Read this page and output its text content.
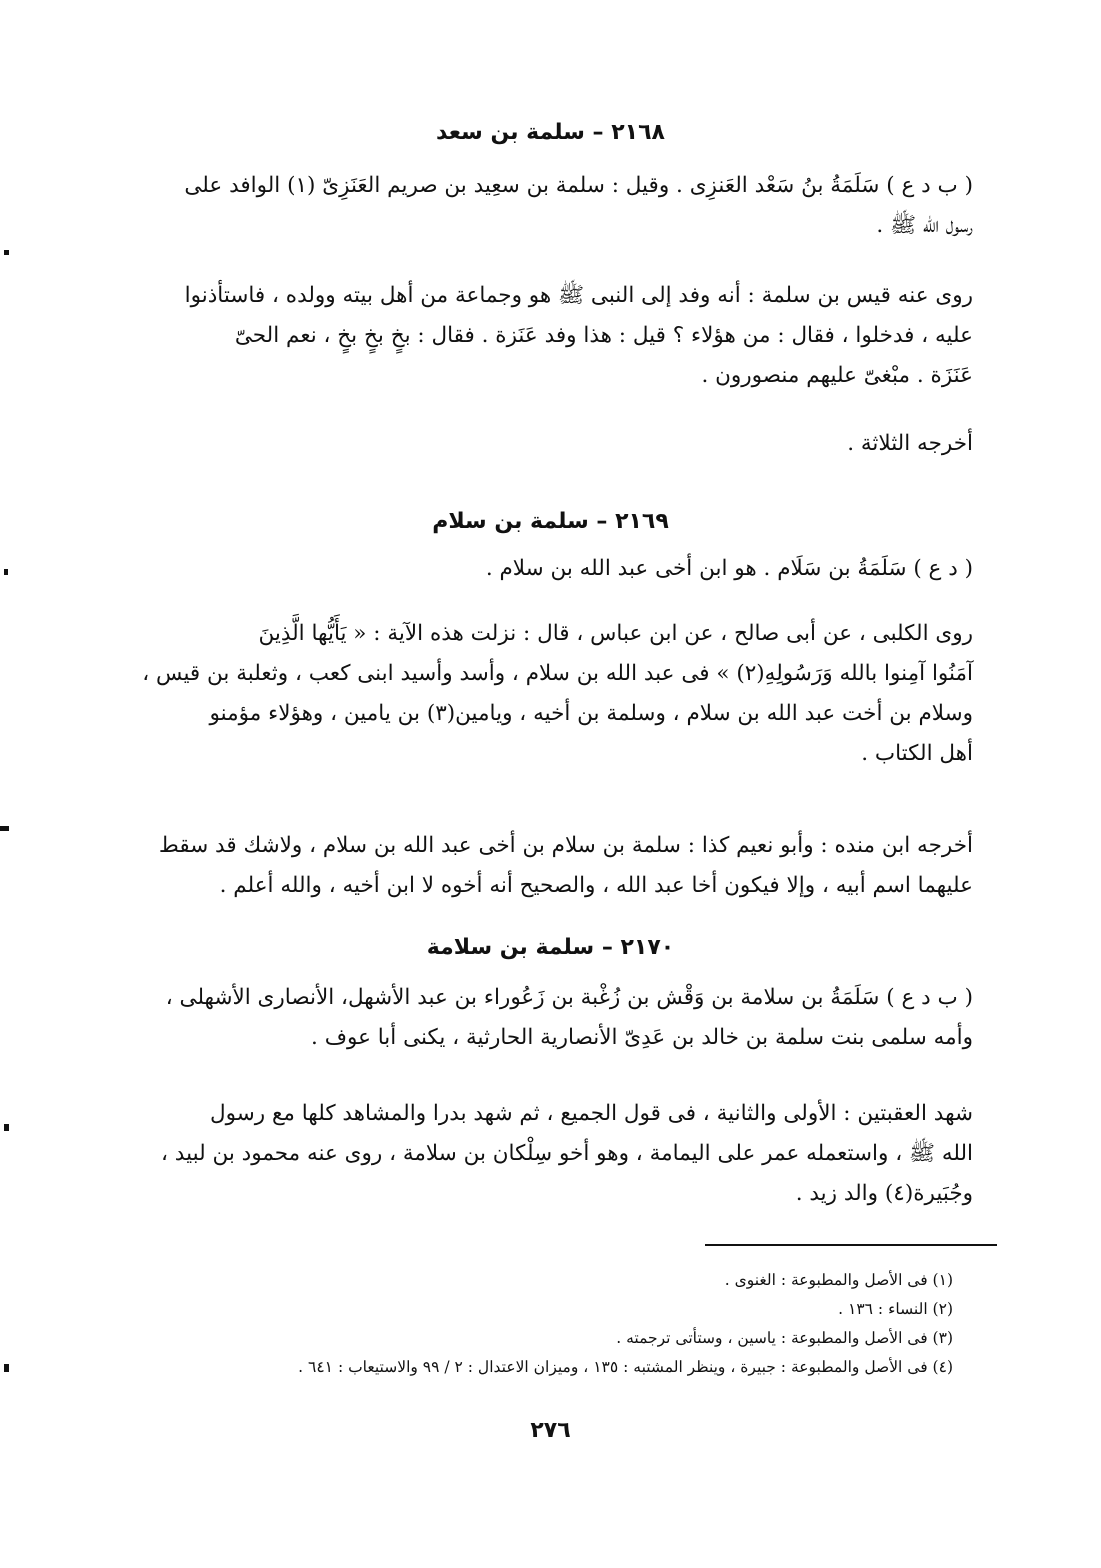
٢١٦٨ – سلمة بن سعد
( ب د ع ) سَلَمَةُ بنُ سَعْد العَنزِى . وقيل : سلمة بن سعِيد بن صريم العَنَزِىّ (١) الوافد على
رسول الله ﷺ .
روى عنه قيس بن سلمة : أنه وفد إلى النبى ﷺ هو وجماعة من أهل بيته وولده ، فاستأذنوا
عليه ، فدخلوا ، فقال : من هؤلاء ؟ قيل : هذا وفد عَنَزة . فقال : بخٍ بخٍ بخٍ ، نعم الحىّ
عَنَزَة . مبْغىّ عليهم منصورون .
أخرجه الثلاثة .
٢١٦٩ – سلمة بن سلام
( د ع ) سَلَمَةُ بن سَلَام . هو ابن أخى عبد الله بن سلام .
روى الكلبى ، عن أبى صالح ، عن ابن عباس ، قال : نزلت هذه الآية : « يَأَيُّها الَّذِينَ
آمَنُوا آمِنوا بالله وَرَسُولِهِ(٢) » فى عبد الله بن سلام ، وأسد وأسيد ابنى كعب ، وثعلبة بن قيس ،
وسلام بن أخت عبد الله بن سلام ، وسلمة بن أخيه ، ويامين(٣) بن يامين ، وهؤلاء مؤمنو
أهل الكتاب .
أخرجه ابن منده : وأبو نعيم كذا : سلمة بن سلام بن أخى عبد الله بن سلام ، ولاشك قد سقط
عليهما اسم أبيه ، وإلا فيكون أخا عبد الله ، والصحيح أنه أخوه لا ابن أخيه ، والله أعلم .
٢١٧٠ – سلمة بن سلامة
( ب د ع ) سَلَمَةُ بن سلامة بن وَقْش بن زُغْبة بن زَعُوراء بن عبد الأشهل، الأنصارى الأشهلى ،
وأمه سلمى بنت سلمة بن خالد بن عَدِىّ الأنصارية الحارثية ، يكنى أبا عوف .
شهد العقبتين : الأولى والثانية ، فى قول الجميع ، ثم شهد بدرا والمشاهد كلها مع رسول
الله ﷺ ، واستعمله عمر على اليمامة ، وهو أخو سِلْكان بن سلامة ، روى عنه محمود بن لبيد ،
وجُبَيرة(٤) والد زيد .
(١) فى الأصل والمطبوعة : الغنوى .
(٢) النساء : ١٣٦ .
(٣) فى الأصل والمطبوعة : ياسين ، وستأتى ترجمته .
(٤) فى الأصل والمطبوعة : جبيرة ، وينظر المشتبه : ١٣٥ ، وميزان الاعتدال : ٢ / ٩٩ والاستيعاب : ٦٤١ .
٢٧٦
